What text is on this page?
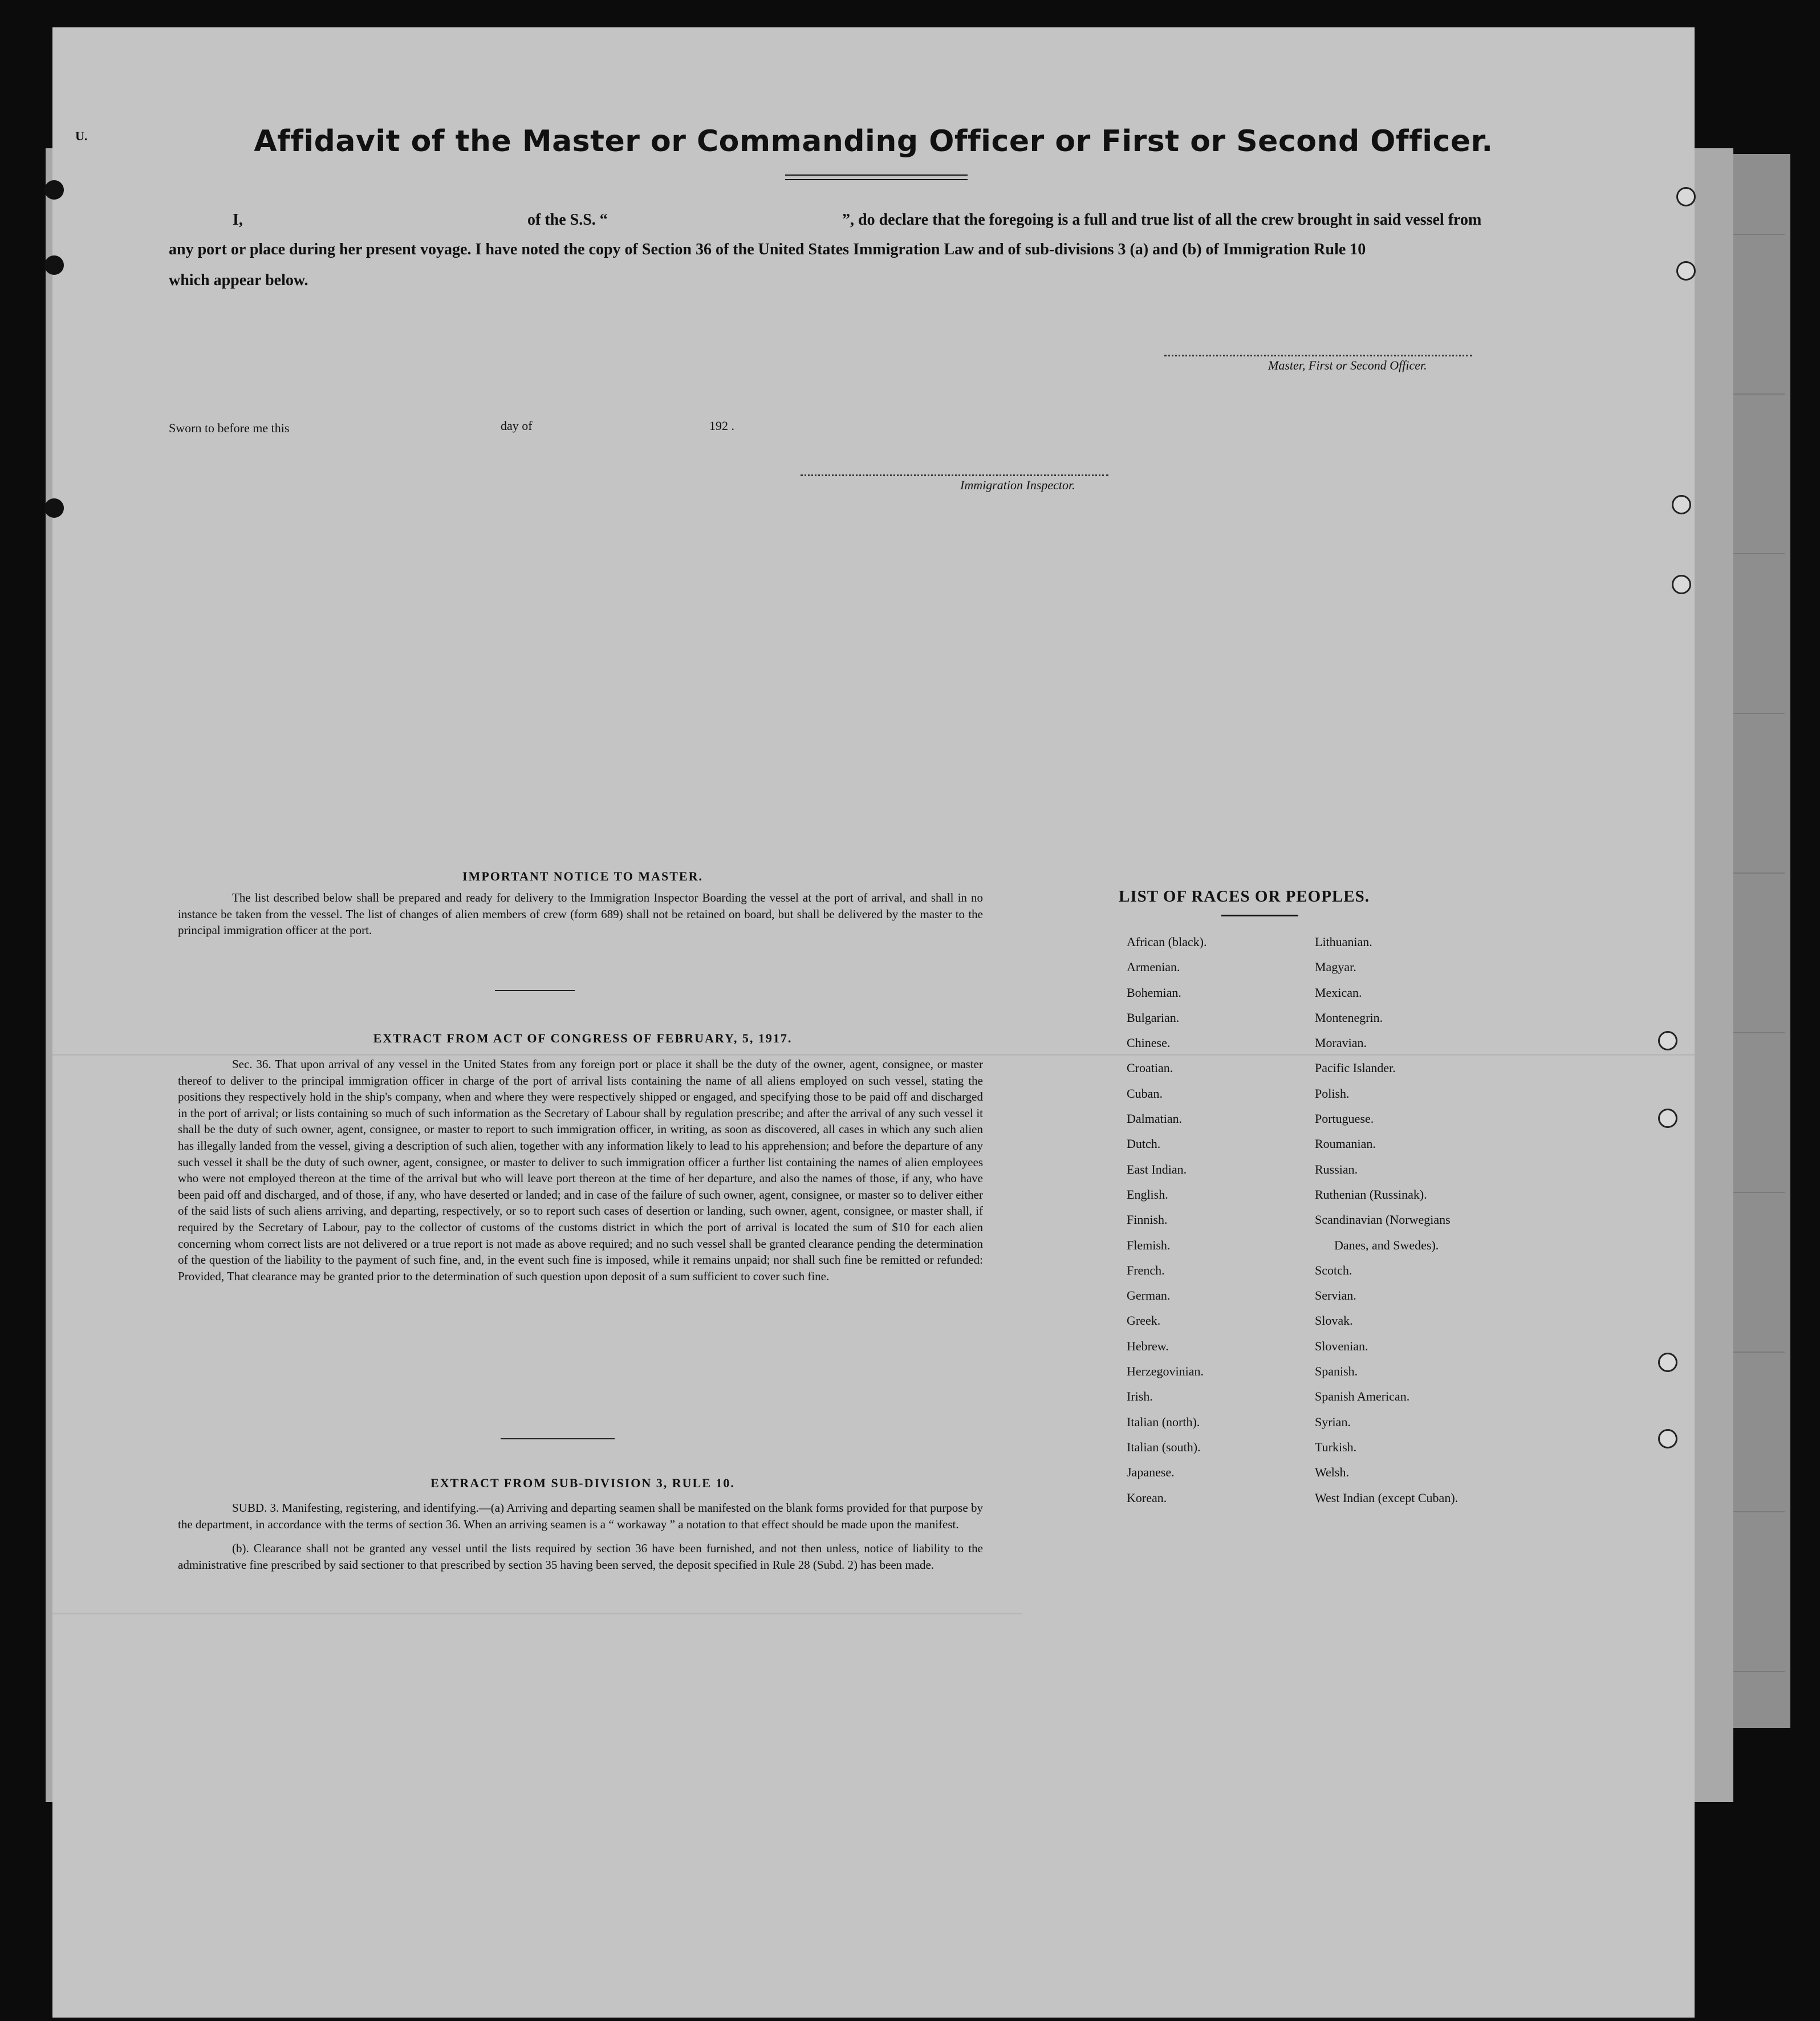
U.	Affidavit of the Master or Commanding Officer or First or Second Officer.
I,	of the S.S. “	”, do declare that the foregoing is a full and true list of all the crew brought in said vessel from
any port or place during her present voyage. I have noted the copy of Section 36 of the United States Immigration Law and of sub-divisions 3 (a) and (b) of Immigration Rule 10
which appear below.
Master, First or Second Officer.
Sworn to before me this	day of	192 .
Immigration Inspector.
IMPORTANT NOTICE TO MASTER.

The list described below shall be prepared and ready for delivery to the Immigration Inspector Boarding the vessel at the port of arrival, and shall in no instance be taken from the vessel. The list of changes of alien members of crew (form 689) shall not be retained on board, but shall be delivered by the master to the principal immigration officer at the port.

EXTRACT FROM ACT OF CONGRESS OF FEBRUARY, 5, 1917.

Sec. 36. That upon arrival of any vessel in the United States from any foreign port or place it shall be the duty of the owner, agent, consignee, or master thereof to deliver to the principal immigration officer in charge of the port of arrival lists containing the name of all aliens employed on such vessel, stating the positions they respectively hold in the ship's company, when and where they were respectively shipped or engaged, and specifying those to be paid off and discharged in the port of arrival; or lists containing so much of such information as the Secretary of Labour shall by regulation prescribe; and after the arrival of any such vessel it shall be the duty of such owner, agent, consignee, or master to report to such immigration officer, in writing, as soon as discovered, all cases in which any such alien has illegally landed from the vessel, giving a description of such alien, together with any information likely to lead to his apprehension; and before the departure of any such vessel it shall be the duty of such owner, agent, consignee, or master to deliver to such immigration officer a further list containing the names of alien employees who were not employed thereon at the time of the arrival but who will leave port thereon at the time of her departure, and also the names of those, if any, who have been paid off and discharged, and of those, if any, who have deserted or landed; and in case of the failure of such owner, agent, consignee, or master so to deliver either of the said lists of such aliens arriving, and departing, respectively, or so to report such cases of desertion or landing, such owner, agent, consignee, or master shall, if required by the Secretary of Labour, pay to the collector of customs of the customs district in which the port of arrival is located the sum of $10 for each alien concerning whom correct lists are not delivered or a true report is not made as above required; and no such vessel shall be granted clearance pending the determination of the question of the liability to the payment of such fine, and, in the event such fine is imposed, while it remains unpaid; nor shall such fine be remitted or refunded: Provided, That clearance may be granted prior to the determination of such question upon deposit of a sum sufficient to cover such fine.

EXTRACT FROM SUB-DIVISION 3, RULE 10.

SUBD. 3. Manifesting, registering, and identifying.—(a) Arriving and departing seamen shall be manifested on the blank forms provided for that purpose by the department, in accordance with the terms of section 36. When an arriving seamen is a “ workaway ” a notation to that effect should be made upon the manifest.

(b). Clearance shall not be granted any vessel until the lists required by section 36 have been furnished, and not then unless, notice of liability to the administrative fine prescribed by said sectioner to that prescribed by section 35 having been served, the deposit specified in Rule 28 (Subd. 2) has been made.

LIST OF RACES OR PEOPLES.
African (black).
Armenian.
Bohemian.
Bulgarian.
Chinese.
Croatian.
Cuban.
Dalmatian.
Dutch.
East Indian.
English.
Finnish.
Flemish.
French.
German.
Greek.
Hebrew.
Herzegovinian.
Irish.
Italian (north).
Italian (south).
Japanese.
Korean.
Lithuanian.
Magyar.
Mexican.
Montenegrin.
Moravian.
Pacific Islander.
Polish.
Portuguese.
Roumanian.
Russian.
Ruthenian (Russinak).
Scandinavian (Norwegians
Danes, and Swedes).
Scotch.
Servian.
Slovak.
Slovenian.
Spanish.
Spanish American.
Syrian.
Turkish.
Welsh.
West Indian (except Cuban).
